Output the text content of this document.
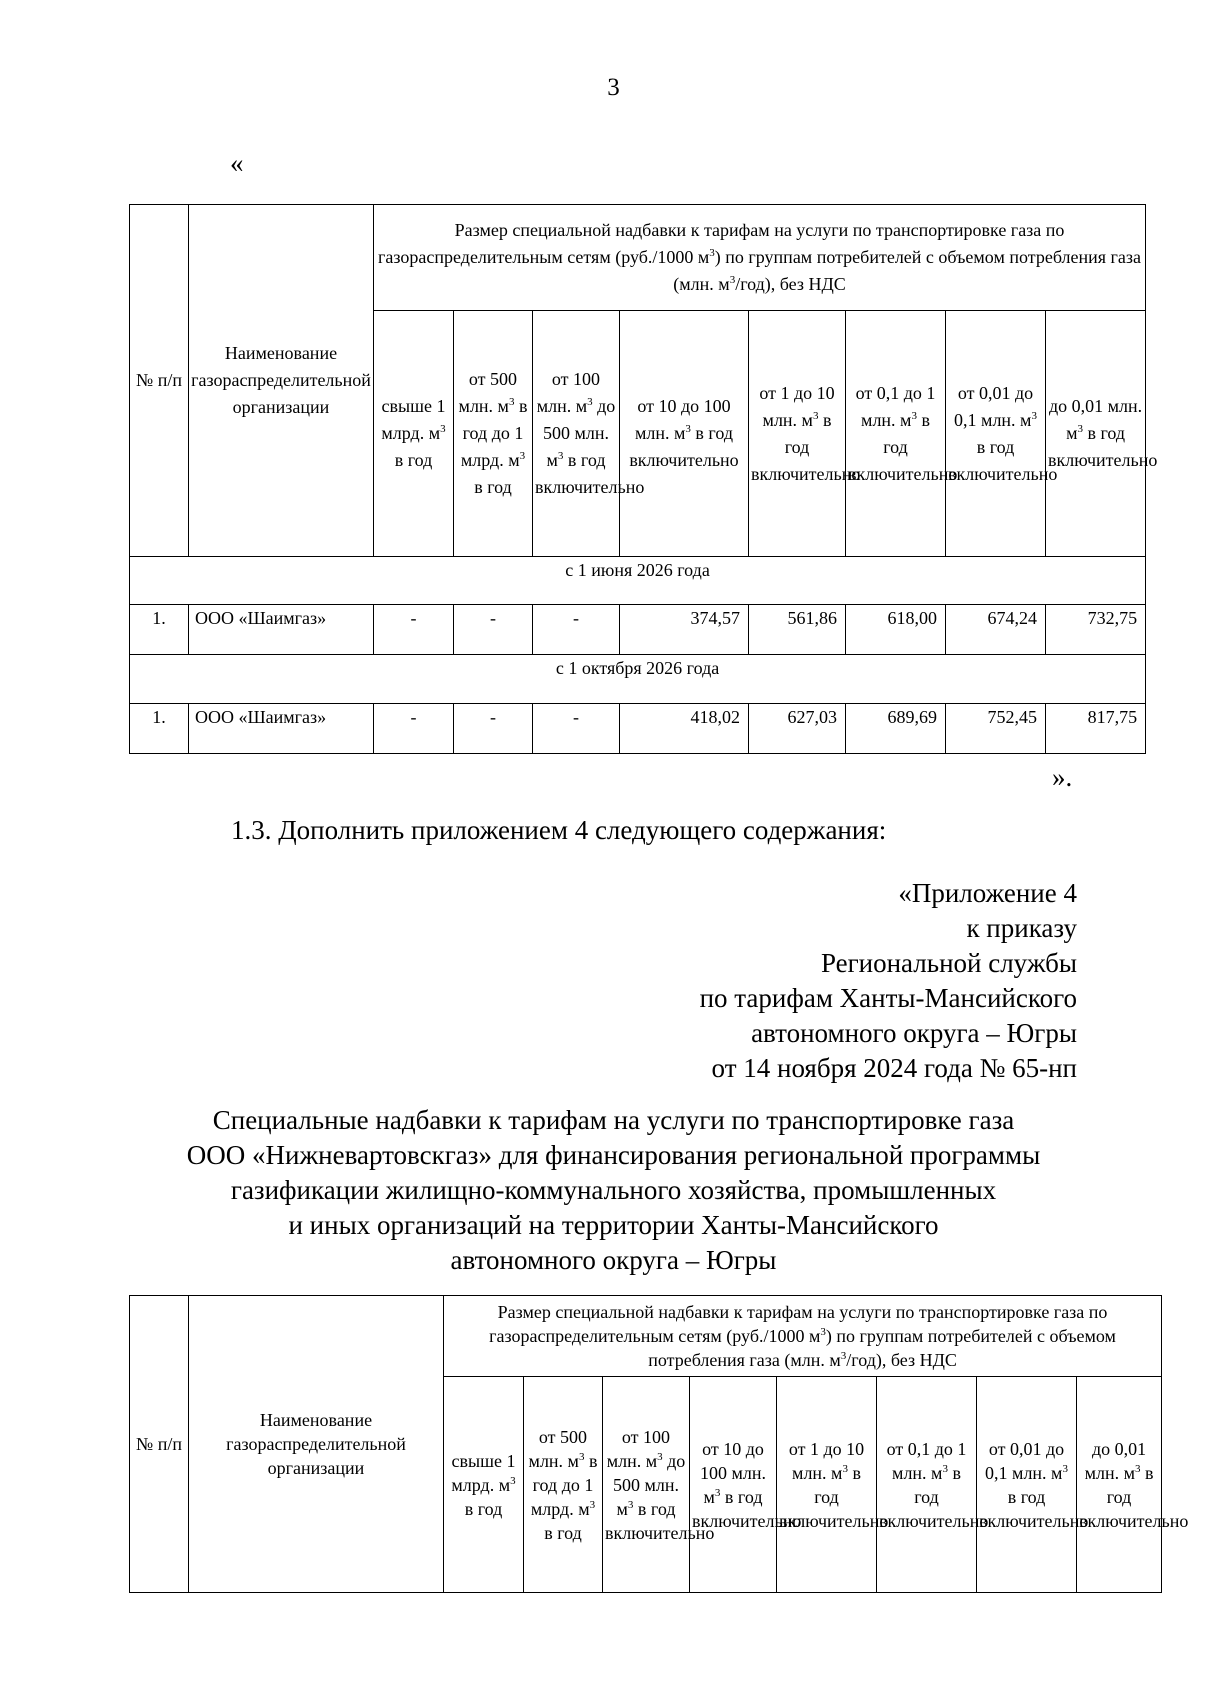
3
«
№ п/п	Наименование газораспределительной организации	Размер специальной надбавки к тарифам на услуги по транспортировке газа по газораспределительным сетям (руб./1000 $м^3$) по группам потребителей с объемом потребления газа (млн. $м^3/год$), без НДС							
		свыше 1 млрд. $м^3$ в год	от 500 млн. $м^3$ в год до 1 млрд. $м^3$ в год	от 100 млн. $м^3$ до 500 млн. $м^3$ в год включительно	от 10 до 100 млн. $м^3$ в год включительно	от 1 до 10 млн. $м^3$ в год включительно	от 0,1 до 1 млн. $м^3$ в год включительно	от 0,01 до 0,1 млн. $м^3$ в год включительно	до 0,01 млн. $м^3$ в год включительно
с 1 июня 2026 года									
1.	ООО «Шаимгаз»	-	-	-	374,57	561,86	618,00	674,24	732,75
с 1 октября 2026 года									
1.	ООО «Шаимгаз»	-	-	-	418,02	627,03	689,69	752,45	817,75
».
1.3. Дополнить приложением 4 следующего содержания:
«Приложение 4
к приказу
Региональной службы
по тарифам Ханты-Мансийского
автономного округа – Югры
от 14 ноября 2024 года № 65-нп
Специальные надбавки к тарифам на услуги по транспортировке газа
ООО «Нижневартовскгаз» для финансирования региональной программы
газификации жилищно-коммунального хозяйства, промышленных
и иных организаций на территории Ханты-Мансийского
автономного округа – Югры
№ п/п	Наименование газораспределительной организации	Размер специальной надбавки к тарифам на услуги по транспортировке газа по газораспределительным сетям (руб./1000 $м^3$) по группам потребителей с объемом потребления газа (млн. $м^3/год$), без НДС							
		свыше 1 млрд. $м^3$ в год	от 500 млн. $м^3$ в год до 1 млрд. $м^3$ в год	от 100 млн. $м^3$ до 500 млн. $м^3$ в год включительно	от 10 до 100 млн. $м^3$ в год включительно	от 1 до 10 млн. $м^3$ в год включительно	от 0,1 до 1 млн. $м^3$ в год включительно	от 0,01 до 0,1 млн. $м^3$ в год включительно	до 0,01 млн. $м^3$ в год включительно
